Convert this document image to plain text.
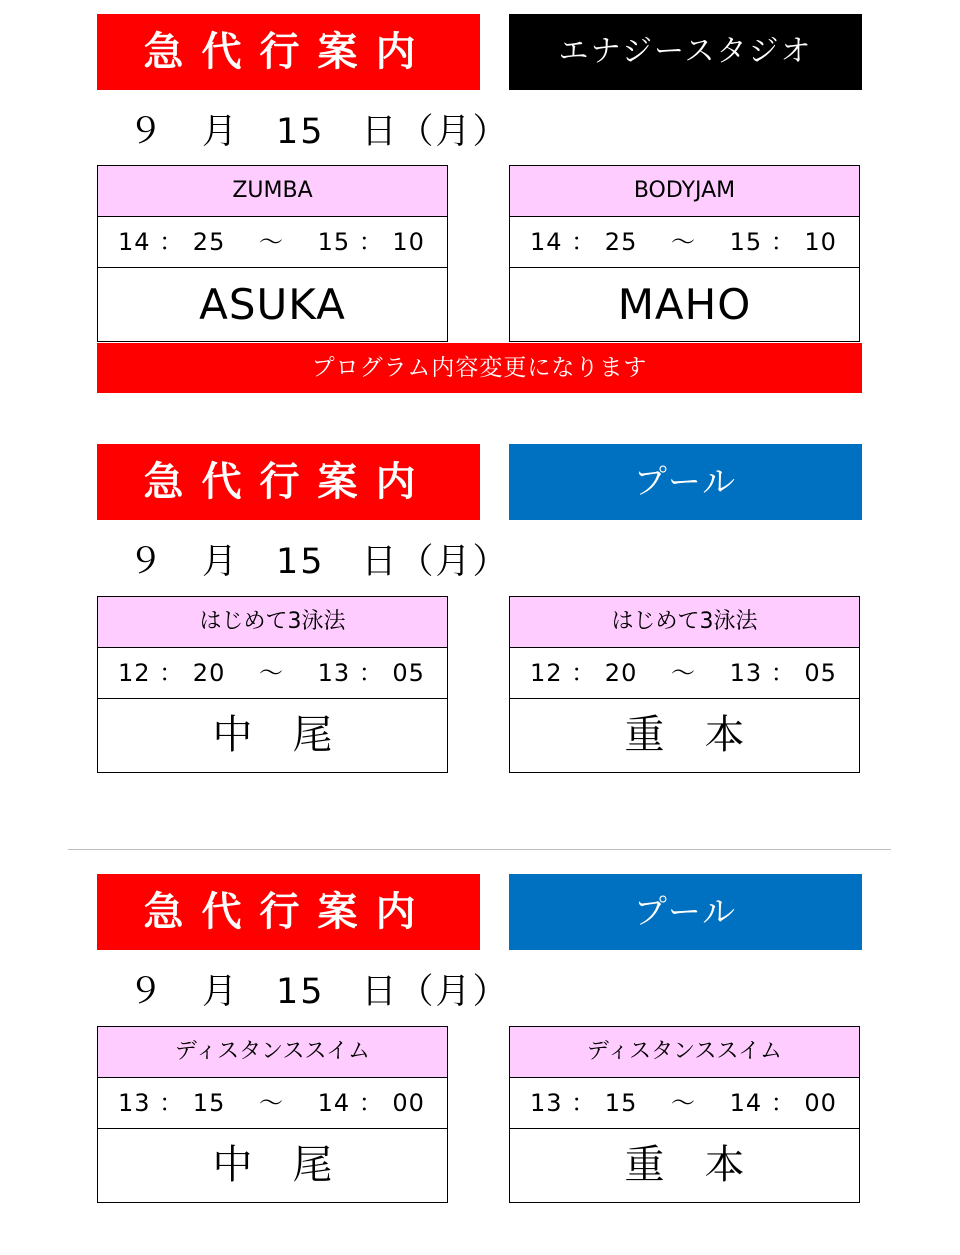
急代行案内	エナジースタジオ
９　月　15　日（月）
ZUMBA
14 ： 25 　～ 　15 ： 10
ASUKA
BODYJAM
14 ： 25 　～ 　15 ： 10
MAHO
プログラム内容変更になります
急代行案内	プール
９　月　15　日（月）
はじめて3泳法
12 ： 20 　～ 　13 ： 05
中尾
はじめて3泳法
12 ： 20 　～ 　13 ： 05
重本
急代行案内	プール
９　月　15　日（月）
ディスタンススイム
13 ： 15 　～ 　14 ： 00
中尾
ディスタンススイム
13 ： 15 　～ 　14 ： 00
重本
